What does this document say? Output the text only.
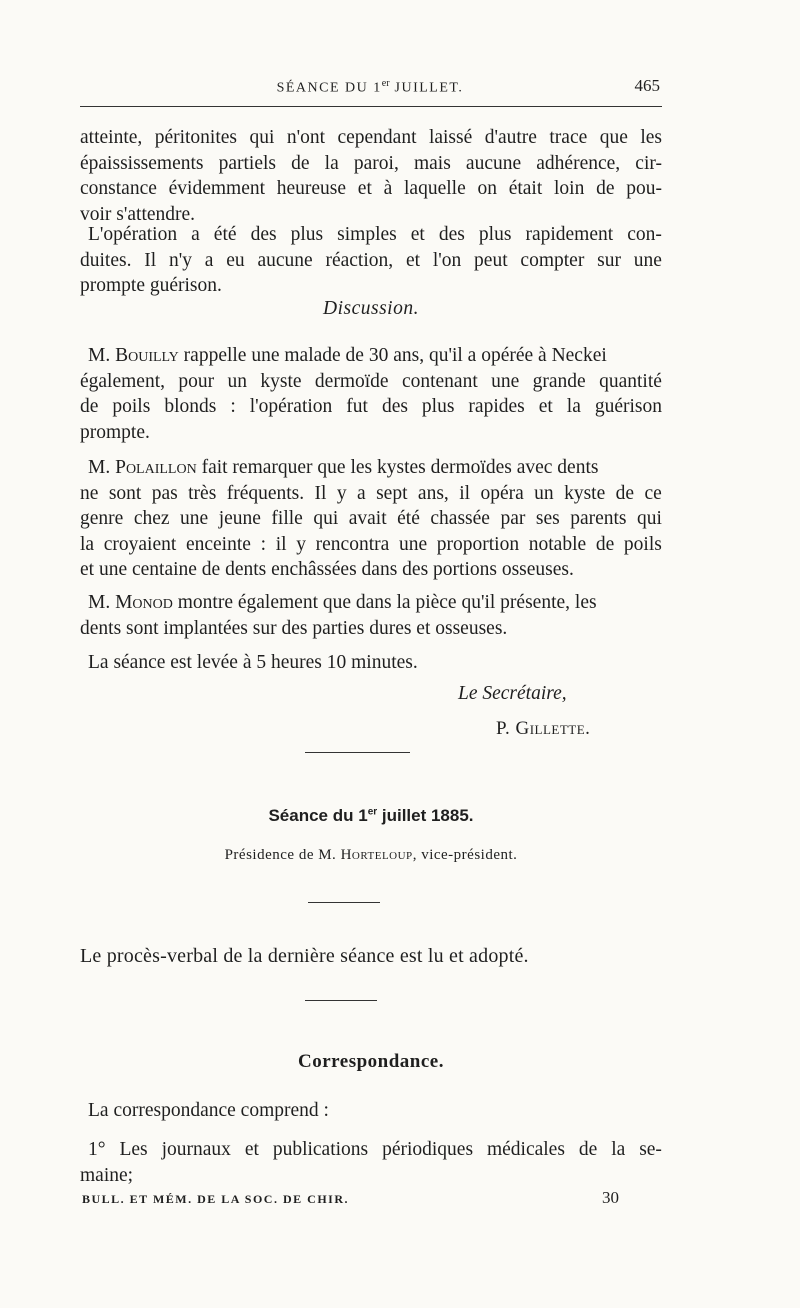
SÉANCE DU 1er JUILLET.	465
atteinte, péritonites qui n'ont cependant laissé d'autre trace que les
épaississements partiels de la paroi, mais aucune adhérence, cir-
constance évidemment heureuse et à laquelle on était loin de pou-
voir s'attendre.
L'opération a été des plus simples et des plus rapidement con-
duites. Il n'y a eu aucune réaction, et l'on peut compter sur une
prompte guérison.
Discussion.
M. Bouilly rappelle une malade de 30 ans, qu'il a opérée à Neckei
également, pour un kyste dermoïde contenant une grande quantité
de poils blonds : l'opération fut des plus rapides et la guérison
prompte.
M. Polaillon fait remarquer que les kystes dermoïdes avec dents
ne sont pas très fréquents. Il y a sept ans, il opéra un kyste de ce
genre chez une jeune fille qui avait été chassée par ses parents qui
la croyaient enceinte : il y rencontra une proportion notable de poils
et une centaine de dents enchâssées dans des portions osseuses.
M. Monod montre également que dans la pièce qu'il présente, les
dents sont implantées sur des parties dures et osseuses.
La séance est levée à 5 heures 10 minutes.
Le Secrétaire,
P. Gillette.
Séance du 1er juillet 1885.
Présidence de M. Horteloup, vice-président.
Le procès-verbal de la dernière séance est lu et adopté.
Correspondance.
La correspondance comprend :
1° Les journaux et publications périodiques médicales de la se-
maine;
BULL. ET MÉM. DE LA SOC. DE CHIR.	30
